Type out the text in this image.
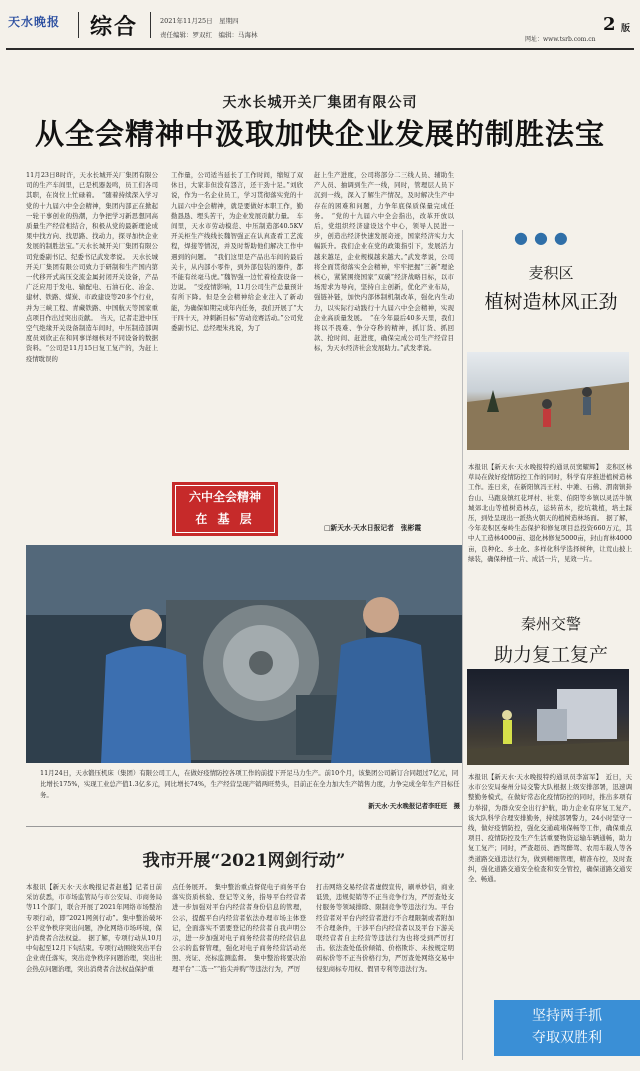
天水晚报 综合	2021年11月25日　星期四
责任编辑：罗双红　编辑：马海林
网址：www.tsrb.com.cn
2 版
天水长城开关厂集团有限公司
从全会精神中汲取加快企业发展的制胜法宝
11月23日8时许，天水长城开关厂集团有限公司的生产车间里，已是机器轰鸣，员工们各司其职，在岗位上忙碌着。　“随着持续深入学习党的十九届六中全会精神，集团内部正在掀起一轮干事创业的热潮，力争把学习新思想同高质量生产经营相结合，积极从党的最新理论成果中找方向、找思路、找动力，探寻加快企业发展的制胜法宝。”天水长城开关厂集团有限公司党委副书记、纪委书记武发孝说。　天水长城开关厂集团有限公司致力于研制和生产国内第一代移开式高压交流金属封闭开关设备，产品广泛应用于发电、输配电、石油石化、冶金、建材、铁路、煤炭、市政建设等20多个行业，并为三峡工程、青藏铁路、中国航天等国家重点项目作出过突出贡献。　当天，记者走进中压空气绝缘开关设备制造车间时，中压制造部调度员刘欣正在和同事详细核对不同设备的数据资料。“公司是11月15日复工复产的，为赶上疫情耽误的
工作量，公司适当延长了工作时间，缩短了双休日，大家非但没有怨言，还干劲十足。”刘欣说，作为一名企业员工，学习贯彻落实党的十九届六中全会精神，就是要做好本职工作，勤勤恳恳、埋头苦干，为企业发展贡献力量。　车间里，天水市劳动模范、中压制造部40.5KV开关柜生产线线长魏智强正在认真查看工艺流程，焊接等情况，并及时帮助他们解决工作中遇到的问题。　“我们这里是产品出车间的最后关卡，从内部小零件，到外部包装的器件，都不能有丝毫马虎。”魏智强一边忙着检查设备一边说。　“受疫情影响，11月公司生产总量预计有所下降。但是全会精神给企业注入了新动能，为确保如期完成年内任务，我们开展了“大干四十天，冲刺新目标”劳动竞赛活动。”公司党委副书记、总经理朱兆说，为了
赶上生产进度，公司将部分二三线人员、辅助生产人员、抽调到生产一线，同时，管理层人员下沉到一线，深入了解生产情况，及时解决生产中存在的困难和问题，力争年底保质保量完成任务。　“党的十九届六中全会指出，改革开放以后，党组织经济建设这个中心，领导人民进一步，创造出经济快速发展奇迹，国家经济实力大幅跃升。我们企业在党的政策指引下，发展活力越来越足，企业规模越来越大。”武发孝说，公司将全面贯彻落实全会精神，牢牢把握“三新”理论核心，紧紧围绕国家“双碳”经济战略目标，以市场需求为导向，坚持自主创新，优化产业布局，强链补链，加快内部体制机制改革，强化内生动力，以实际行动践行十九届六中全会精神，实现企业高质量发展。　“在今年最后40多天里，我们将以不畏难、争分夺秒的精神，抓订货、抓回款、抢时间、赶进度，确保完成公司生产经营目标，为天水经济社会发展助力。”武发孝说。
□新天水·天水日报记者　张彬霞
六中全会精神
在 基 层
11月24日，天水锻压机床（集团）有限公司工人，在做好疫情防控各项工作的前提下开足马力生产。前10个月，该集团公司新订合同超过7亿元，同比增长175%，实现工业总产值1.3亿多元，同比增长74%，生产经营呈现产销两旺势头，目前正在全力加大生产销售力度，力争完成全年生产目标任务。
新天水·天水晚报记者李旺旺　摄
我市开展“2021网剑行动”
本报讯【新天水·天水晚报记者赵蔓】记者日前采访获悉，市市场监管局与市公安局、市商务局等11个部门，联合开展了2021年网络市场整治专项行动，即“2021网剑行动”。集中整治破坏公平竞争秩序突出问题，净化网络市场环境，保护消费者合法权益。　据了解，专项行动从10月中旬起至12月下旬结束。专项行动围绕突出平台企业责任落实，突出竞争秩序问题治理，突出社会热点问题治理，突出消费者合法权益保护重
点任务展开。　集中整治重点督促电子商务平台落实资质核验、登记等义务，指导平台经营者进一步加强对平台内经营者身份信息的管理，公示，提醒平台内经营者依法办理市场主体登记，全面落实不需要登记的经营者自我声明公示，进一步加强对电子商务经营者的经营信息公示的监督管理，强化对电子商务经营活动亮照、亮证、亮标监测监督。　集中整治将要决治理平台“二选一”“掐尖并购”等违法行为，严厉
打击网络交易经营者虚假宣传，刷单炒信，商业诋毁，违规促销等不正当竞争行为，严厉查处支付服务等领域排除、限制竞争等违法行为。平台经营者对平台内经营者进行不合理限制或者附加不合理条件，干涉平台内经营者以及平台下游关联经营者自主经营等违法行为也将受到严厉打击。依法查处低价倾销、价格欺诈、未按规定明码标价等不正当价格行为，严厉查处网络交易中侵犯商标专用权、假冒专利等违法行为。
●●●
麦积区
植树造林风正劲
本报讯【新天水·天水晚报特约通讯员窦耀辉】　麦积区林草局在做好疫情防控工作的同时，科学有序推进植树造林工作。连日来，在新阳镇冯王村、中滩、石佛、渭南镇卦台山、马跑泉镇红花坪村、社棠、伯阳等乡镇以灵活牛镇城郊北山等植树造林点，运转苗木，挖坑栽植，培土踩压，到处呈现出一派热火朝天的植树造林场面。　据了解，今年麦积区秦岭生态保护和修复项目总投资660万元，其中人工造林4000亩、退化林修复5000亩，封山育林4000亩，良种化、乡土化、多样化科学选择树种，让荒山披上绿装，确保种植一片、成活一片，见效一片。
秦州交警
助力复工复产
本报讯【新天水·天水晚报特约通讯员李富军】　近日，天水市公安局秦州分局交警大队根据上级安排部署，迅速调整勤务模式，在做好常态化疫情防控的同时，推出多项有力举措，为群众安全出行护航，助力企业有序复工复产。　该大队科学合理安排勤务，持续部署警力，24小时坚守一线，做好疫情防控，强化交通疏堵保畅等工作，确保重点项目、疫情防控及生产生活重要物资运输车辆通畅，助力复工复产；同时，严查超员、酒驾醉驾、农用车载人等各类道路交通违法行为，做到精细管理，精准布控，及时查纠，强化道路交通安全检查和安全管控，确保道路交通安全、畅通。
坚持两手抓
夺取双胜利
